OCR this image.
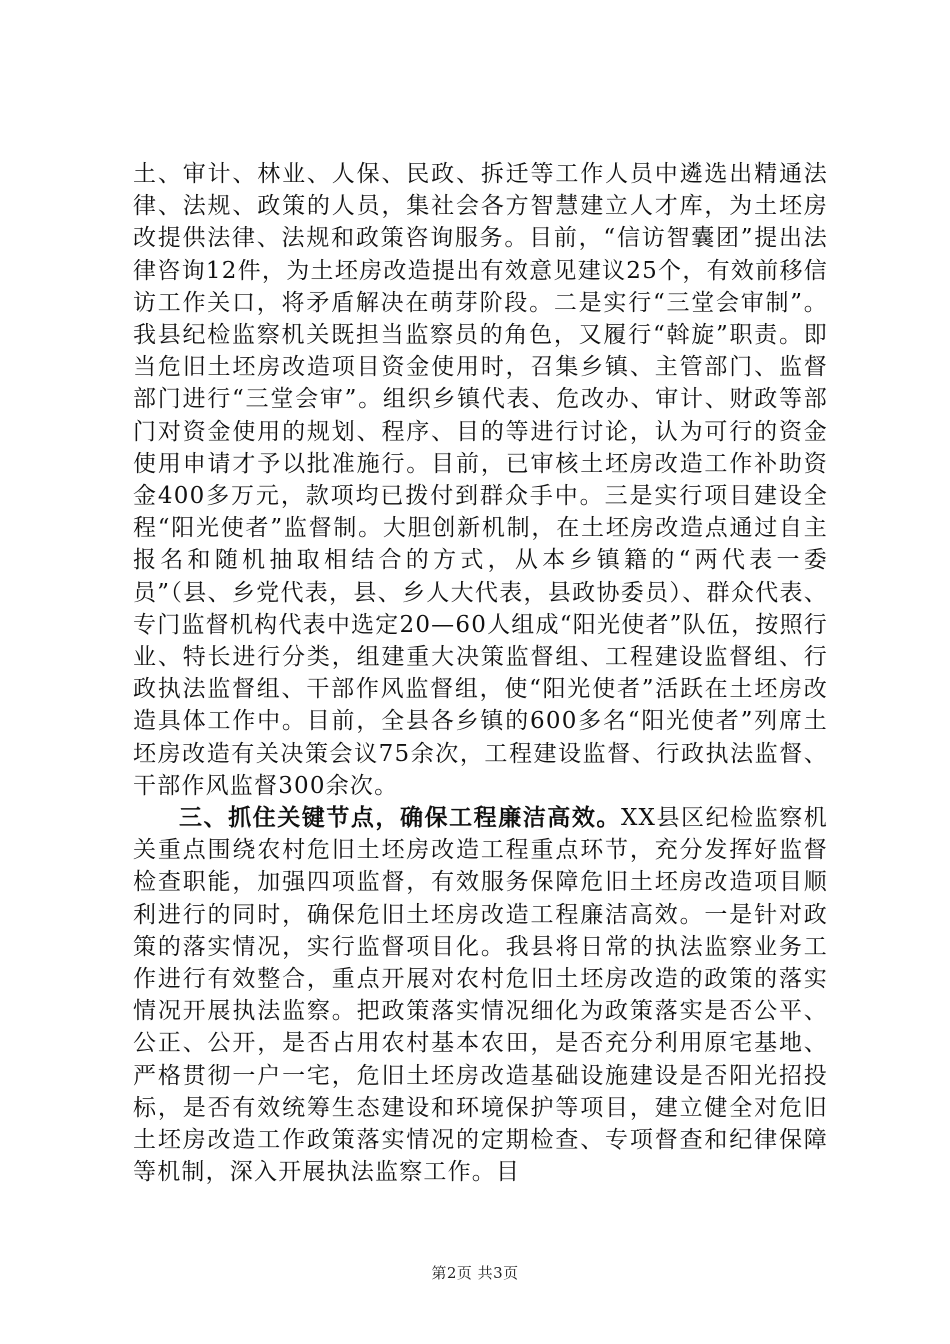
土、审计、林业、人保、民政、拆迁等工作人员中遴选出精通法律、法规、政策的人员，集社会各方智慧建立人才库，为土坯房改提供法律、法规和政策咨询服务。目前，“信访智囊团”提出法律咨询12件，为土坯房改造提出有效意见建议25个，有效前移信访工作关口，将矛盾解决在萌芽阶段。二是实行“三堂会审制”。我县纪检监察机关既担当监察员的角色，又履行“斡旋”职责。即当危旧土坯房改造项目资金使用时，召集乡镇、主管部门、监督部门进行“三堂会审”。组织乡镇代表、危改办、审计、财政等部门对资金使用的规划、程序、目的等进行讨论，认为可行的资金使用申请才予以批准施行。目前，已审核土坯房改造工作补助资金400多万元，款项均已拨付到群众手中。三是实行项目建设全程“阳光使者”监督制。大胆创新机制，在土坯房改造点通过自主报名和随机抽取相结合的方式，从本乡镇籍的“两代表一委员”（县、乡党代表，县、乡人大代表，县政协委员）、群众代表、专门监督机构代表中选定20—60人组成“阳光使者”队伍，按照行业、特长进行分类，组建重大决策监督组、工程建设监督组、行政执法监督组、干部作风监督组，使“阳光使者”活跃在土坯房改造具体工作中。目前，全县各乡镇的600多名“阳光使者”列席土坯房改造有关决策会议75余次，工程建设监督、行政执法监督、干部作风监督300余次。

三、抓住关键节点，确保工程廉洁高效。XX县区纪检监察机关重点围绕农村危旧土坯房改造工程重点环节，充分发挥好监督检查职能，加强四项监督，有效服务保障危旧土坯房改造项目顺利进行的同时，确保危旧土坯房改造工程廉洁高效。一是针对政策的落实情况，实行监督项目化。我县将日常的执法监察业务工作进行有效整合，重点开展对农村危旧土坯房改造的政策的落实情况开展执法监察。把政策落实情况细化为政策落实是否公平、公正、公开，是否占用农村基本农田，是否充分利用原宅基地、严格贯彻一户一宅，危旧土坯房改造基础设施建设是否阳光招投标，是否有效统筹生态建设和环境保护等项目，建立健全对危旧土坯房改造工作政策落实情况的定期检查、专项督查和纪律保障等机制，深入开展执法监察工作。目

第2页 共3页
